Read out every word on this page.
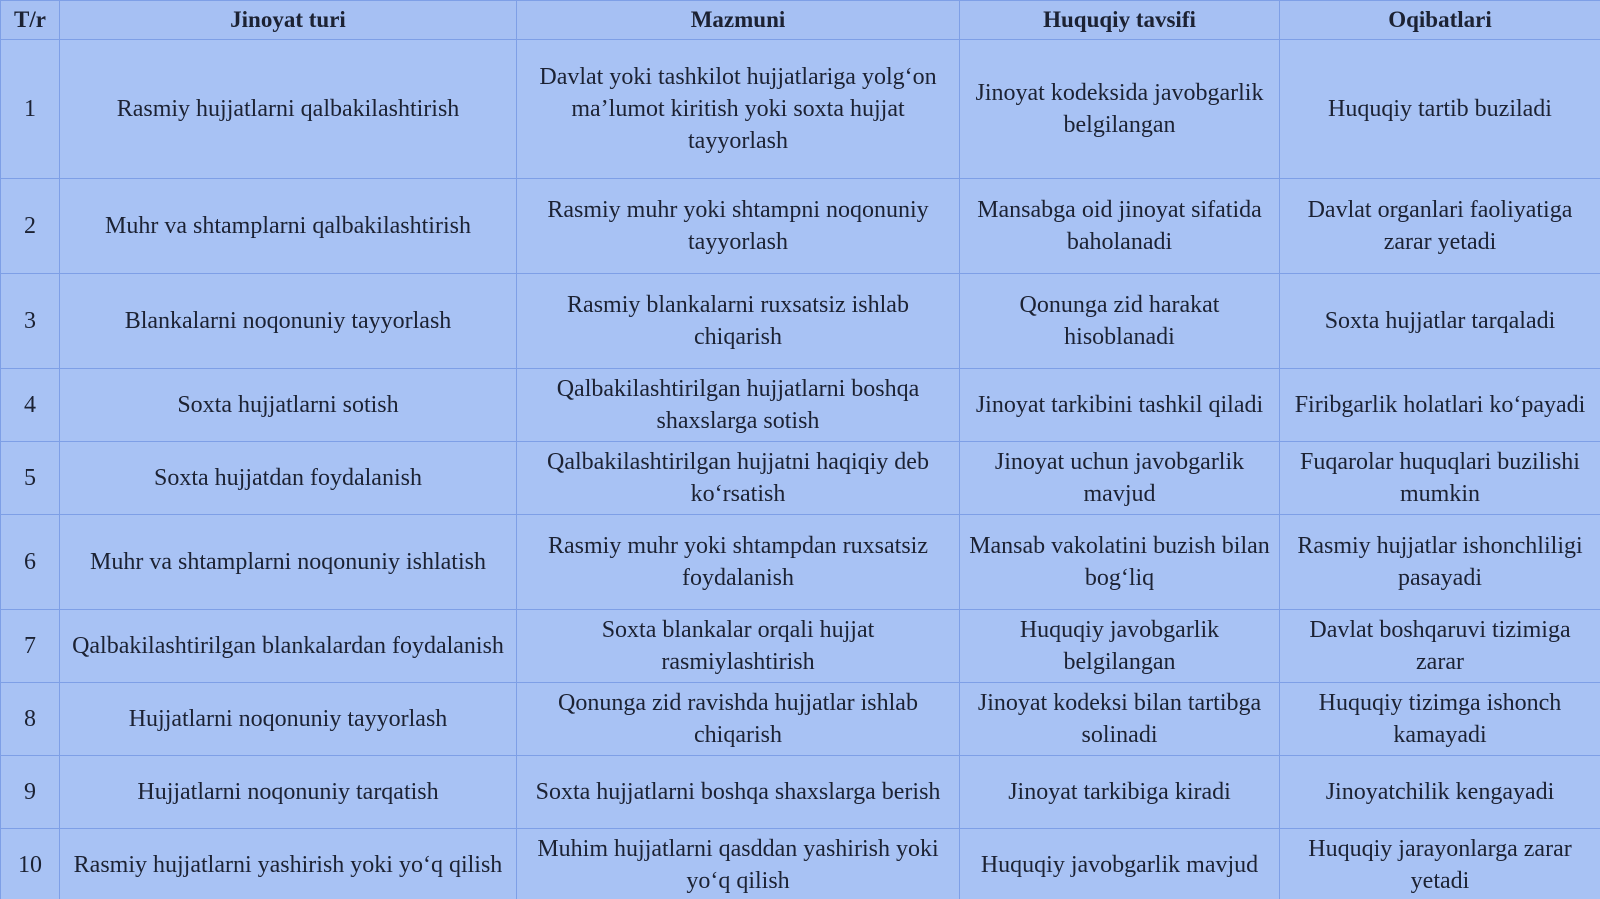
T/r	Jinoyat turi	Mazmuni	Huquqiy tavsifi	Oqibatlari
1	Rasmiy hujjatlarni qalbakilashtirish	Davlat yoki tashkilot hujjatlariga yolg‘on ma’lumot kiritish yoki soxta hujjat tayyorlash	Jinoyat kodeksida javobgarlik belgilangan	Huquqiy tartib buziladi
2	Muhr va shtamplarni qalbakilashtirish	Rasmiy muhr yoki shtampni noqonuniy tayyorlash	Mansabga oid jinoyat sifatida baholanadi	Davlat organlari faoliyatiga zarar yetadi
3	Blankalarni noqonuniy tayyorlash	Rasmiy blankalarni ruxsatsiz ishlab chiqarish	Qonunga zid harakat hisoblanadi	Soxta hujjatlar tarqaladi
4	Soxta hujjatlarni sotish	Qalbakilashtirilgan hujjatlarni boshqa shaxslarga sotish	Jinoyat tarkibini tashkil qiladi	Firibgarlik holatlari ko‘payadi
5	Soxta hujjatdan foydalanish	Qalbakilashtirilgan hujjatni haqiqiy deb ko‘rsatish	Jinoyat uchun javobgarlik mavjud	Fuqarolar huquqlari buzilishi mumkin
6	Muhr va shtamplarni noqonuniy ishlatish	Rasmiy muhr yoki shtampdan ruxsatsiz foydalanish	Mansab vakolatini buzish bilan bog‘liq	Rasmiy hujjatlar ishonchliligi pasayadi
7	Qalbakilashtirilgan blankalardan foydalanish	Soxta blankalar orqali hujjat rasmiylashtirish	Huquqiy javobgarlik belgilangan	Davlat boshqaruvi tizimiga zarar
8	Hujjatlarni noqonuniy tayyorlash	Qonunga zid ravishda hujjatlar ishlab chiqarish	Jinoyat kodeksi bilan tartibga solinadi	Huquqiy tizimga ishonch kamayadi
9	Hujjatlarni noqonuniy tarqatish	Soxta hujjatlarni boshqa shaxslarga berish	Jinoyat tarkibiga kiradi	Jinoyatchilik kengayadi
10	Rasmiy hujjatlarni yashirish yoki yo‘q qilish	Muhim hujjatlarni qasddan yashirish yoki yo‘q qilish	Huquqiy javobgarlik mavjud	Huquqiy jarayonlarga zarar yetadi
